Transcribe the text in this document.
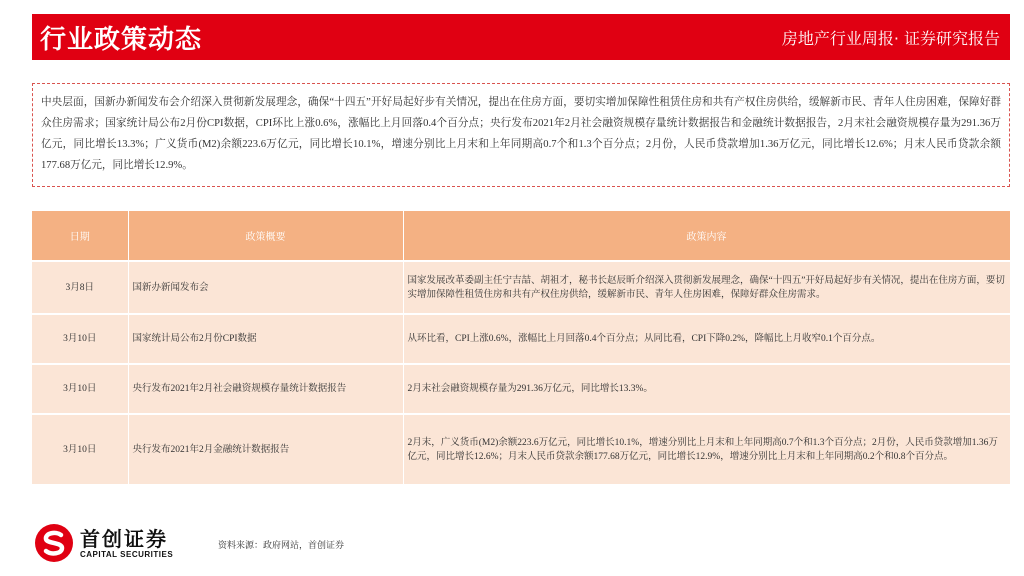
行业政策动态	房地产行业周报· 证券研究报告
中央层面，国新办新闻发布会介绍深入贯彻新发展理念，确保“十四五”开好局起好步有关情况，提出在住房方面，要切实增加保障性租赁住房和共有产权住房供给，缓解新市民、青年人住房困难，保障好群众住房需求；国家统计局公布2月份CPI数据，CPI环比上涨0.6%，涨幅比上月回落0.4个百分点；央行发布2021年2月社会融资规模存量统计数据报告和金融统计数据报告，2月末社会融资规模存量为291.36万亿元，同比增长13.3%；广义货币(M2)余额223.6万亿元，同比增长10.1%，增速分别比上月末和上年同期高0.7个和1.3个百分点；2月份，人民币贷款增加1.36万亿元，同比增长12.6%；月末人民币贷款余额177.68万亿元，同比增长12.9%。
日期	政策概要	政策内容
3月8日	国新办新闻发布会	国家发展改革委副主任宁吉喆、胡祖才，秘书长赵辰昕介绍深入贯彻新发展理念，确保“十四五”开好局起好步有关情况，提出在住房方面，要切实增加保障性租赁住房和共有产权住房供给，缓解新市民、青年人住房困难，保障好群众住房需求。
3月10日	国家统计局公布2月份CPI数据	从环比看，CPI上涨0.6%，涨幅比上月回落0.4个百分点；从同比看，CPI下降0.2%，降幅比上月收窄0.1个百分点。
3月10日	央行发布2021年2月社会融资规模存量统计数据报告	2月末社会融资规模存量为291.36万亿元，同比增长13.3%。
3月10日	央行发布2021年2月金融统计数据报告	2月末，广义货币(M2)余额223.6万亿元，同比增长10.1%，增速分别比上月末和上年同期高0.7个和1.3个百分点；2月份，人民币贷款增加1.36万亿元，同比增长12.6%；月末人民币贷款余额177.68万亿元，同比增长12.9%，增速分别比上月末和上年同期高0.2个和0.8个百分点。
首创证券
CAPITAL SECURITIES
资料来源：政府网站，首创证券
